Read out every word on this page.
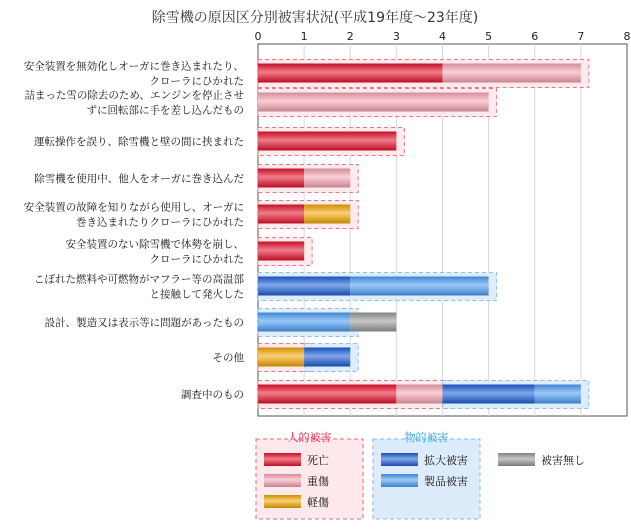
除雪機の原因区分別被害状況(平成19年度～23年度)
0	1	2	3	4	5	6	7	8
安全装置を無効化しオーガに巻き込まれたり、クローラにひかれた
詰まった雪の除去のため、エンジンを停止させずに回転部に手を差し込んだもの
運転操作を誤り、除雪機と壁の間に挟まれた
除雪機を使用中、他人をオーガに巻き込んだ
安全装置の故障を知りながら使用し、オーガに巻き込まれたりクローラにひかれた
安全装置のない除雪機で体勢を崩し、クローラにひかれた
こぼれた燃料や可燃物がマフラー等の高温部と接触して発火した
設計、製造又は表示等に問題があったもの
その他
調査中のもの
人的被害
死亡
重傷
軽傷
物的被害
拡大被害
製品被害
被害無し
